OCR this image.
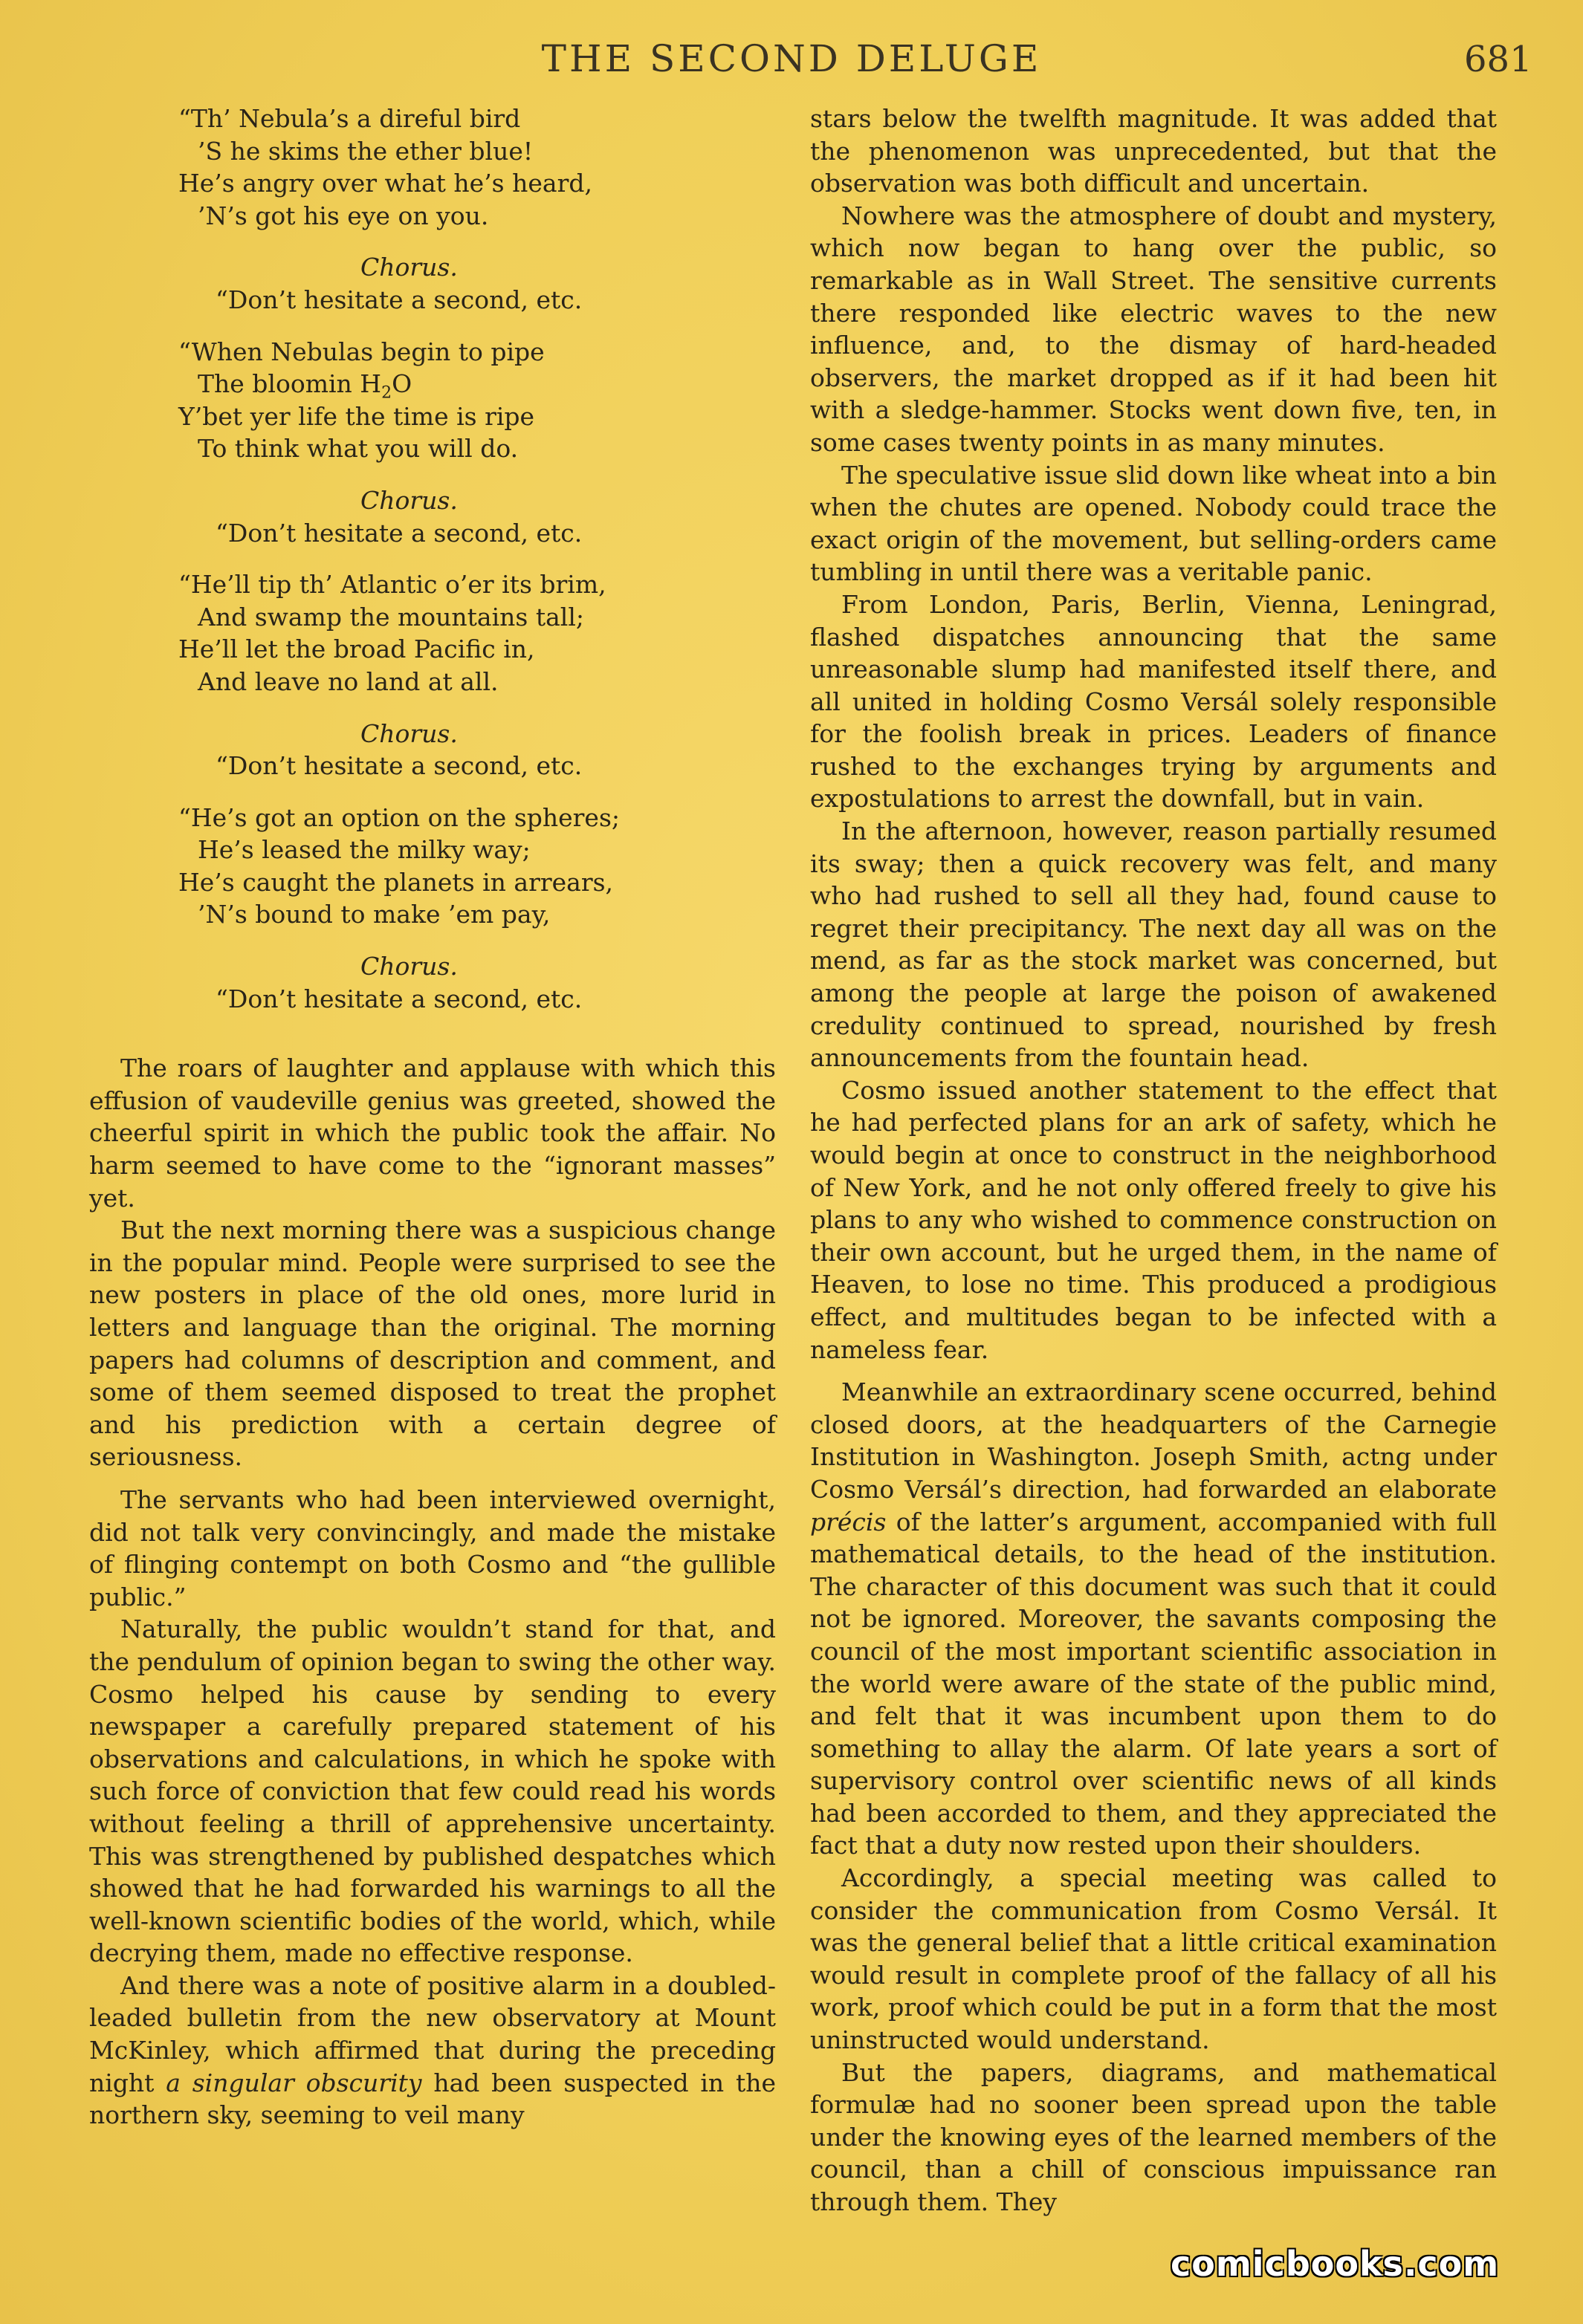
THE SECOND DELUGE	681
“Th’ Nebula’s a direful bird
’S he skims the ether blue!
He’s angry over what he’s heard,
’N’s got his eye on you.
Chorus.
“Don’t hesitate a second, etc.
“When Nebulas begin to pipe
The bloomin $H_2O$
Y’bet yer life the time is ripe
To think what you will do.
Chorus.
“Don’t hesitate a second, etc.
“He’ll tip th’ Atlantic o’er its brim,
And swamp the mountains tall;
He’ll let the broad Pacific in,
And leave no land at all.
Chorus.
“Don’t hesitate a second, etc.
“He’s got an option on the spheres;
He’s leased the milky way;
He’s caught the planets in arrears,
’N’s bound to make ’em pay,
Chorus.
“Don’t hesitate a second, etc.

The roars of laughter and applause with which this effusion of vaudeville genius was greeted, showed the cheerful spirit in which the public took the affair. No harm seemed to have come to the “ignorant masses” yet.

But the next morning there was a suspicious change in the popular mind. People were surprised to see the new posters in place of the old ones, more lurid in letters and language than the original. The morning papers had columns of description and comment, and some of them seemed disposed to treat the prophet and his prediction with a certain degree of seriousness.

The servants who had been interviewed overnight, did not talk very convincingly, and made the mistake of flinging contempt on both Cosmo and “the gullible public.”

Naturally, the public wouldn’t stand for that, and the pendulum of opinion began to swing the other way. Cosmo helped his cause by sending to every newspaper a carefully prepared statement of his observations and calculations, in which he spoke with such force of conviction that few could read his words without feeling a thrill of apprehensive uncertainty. This was strengthened by published despatches which showed that he had forwarded his warnings to all the well-known scientific bodies of the world, which, while decrying them, made no effective response.

And there was a note of positive alarm in a doubled-leaded bulletin from the new observatory at Mount McKinley, which affirmed that during the preceding night a singular obscurity had been suspected in the northern sky, seeming to veil many

stars below the twelfth magnitude. It was added that the phenomenon was unprecedented, but that the observation was both difficult and uncertain.

Nowhere was the atmosphere of doubt and mystery, which now began to hang over the public, so remarkable as in Wall Street. The sensitive currents there responded like electric waves to the new influence, and, to the dismay of hard-headed observers, the market dropped as if it had been hit with a sledge-hammer. Stocks went down five, ten, in some cases twenty points in as many minutes.

The speculative issue slid down like wheat into a bin when the chutes are opened. Nobody could trace the exact origin of the movement, but selling-orders came tumbling in until there was a veritable panic.

From London, Paris, Berlin, Vienna, Leningrad, flashed dispatches announcing that the same unreasonable slump had manifested itself there, and all united in holding Cosmo Versál solely responsible for the foolish break in prices. Leaders of finance rushed to the exchanges trying by arguments and expostulations to arrest the downfall, but in vain.

In the afternoon, however, reason partially resumed its sway; then a quick recovery was felt, and many who had rushed to sell all they had, found cause to regret their precipitancy. The next day all was on the mend, as far as the stock market was concerned, but among the people at large the poison of awakened credulity continued to spread, nourished by fresh announcements from the fountain head.

Cosmo issued another statement to the effect that he had perfected plans for an ark of safety, which he would begin at once to construct in the neighborhood of New York, and he not only offered freely to give his plans to any who wished to commence construction on their own account, but he urged them, in the name of Heaven, to lose no time. This produced a prodigious effect, and multitudes began to be infected with a nameless fear.

Meanwhile an extraordinary scene occurred, behind closed doors, at the headquarters of the Carnegie Institution in Washington. Joseph Smith, actng under Cosmo Versál’s direction, had forwarded an elaborate précis of the latter’s argument, accompanied with full mathematical details, to the head of the institution. The character of this document was such that it could not be ignored. Moreover, the savants composing the council of the most important scientific association in the world were aware of the state of the public mind, and felt that it was incumbent upon them to do something to allay the alarm. Of late years a sort of supervisory control over scientific news of all kinds had been accorded to them, and they appreciated the fact that a duty now rested upon their shoulders.

Accordingly, a special meeting was called to consider the communication from Cosmo Versál. It was the general belief that a little critical examination would result in complete proof of the fallacy of all his work, proof which could be put in a form that the most uninstructed would understand.

But the papers, diagrams, and mathematical formulæ had no sooner been spread upon the table under the knowing eyes of the learned members of the council, than a chill of conscious impuissance ran through them. They

comicbooks.com
